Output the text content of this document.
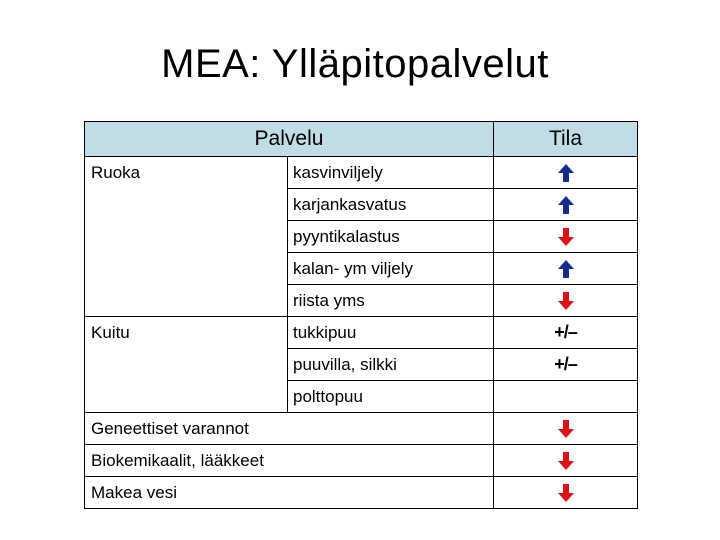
MEA: Ylläpitopalvelut
Palvelu		Tila
Ruoka	kasvinviljely	
	karjankasvatus	
	pyyntikalastus	
	kalan- ym viljely	
	riista yms	
Kuitu	tukkipuu	+/–
	puuvilla, silkki	+/–
	polttopuu	
Geneettiset varannot		
Biokemikaalit, lääkkeet		
Makea vesi		
